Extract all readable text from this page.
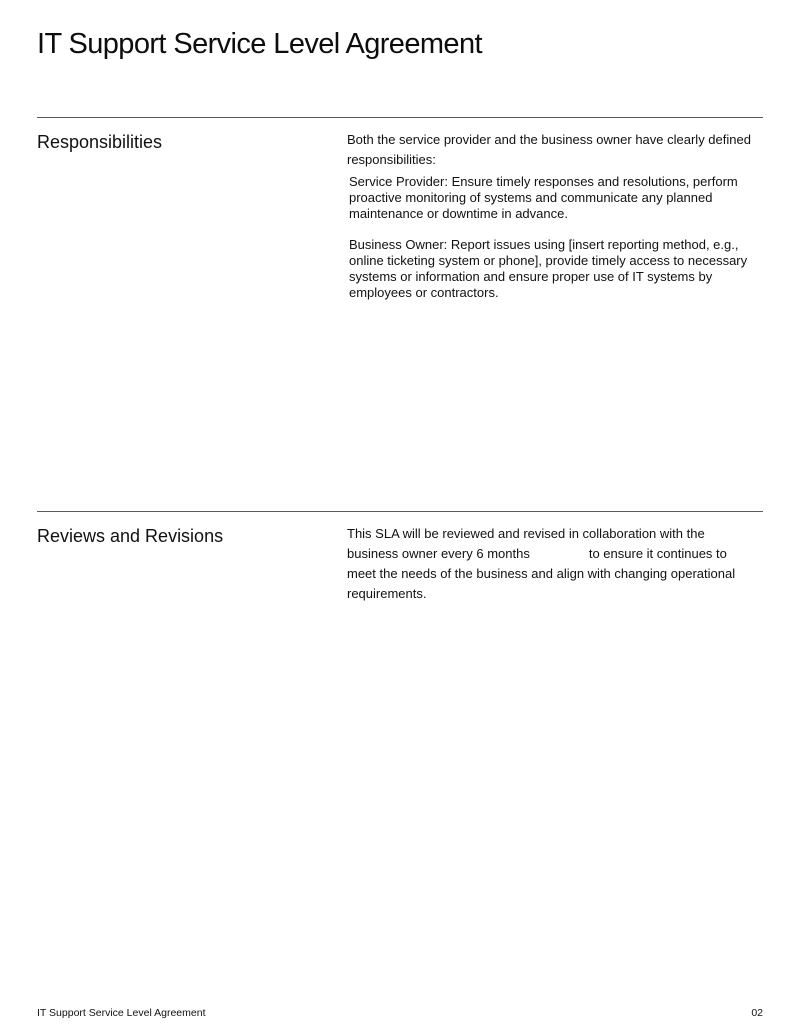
IT Support Service Level Agreement
Responsibilities	Both the service provider and the business owner have clearly defined responsibilities:

Service Provider: Ensure timely responses and resolutions, perform proactive monitoring of systems and communicate any planned maintenance or downtime in advance.

Business Owner: Report issues using [insert reporting method, e.g., online ticketing system or phone], provide timely access to necessary systems or information and ensure proper use of IT systems by employees or contractors.

Reviews and Revisions	This SLA will be reviewed and revised in collaboration with the business owner every 6 months	to ensure it continues to meet the needs of the business and align with changing operational requirements.

IT Support Service Level Agreement	02
